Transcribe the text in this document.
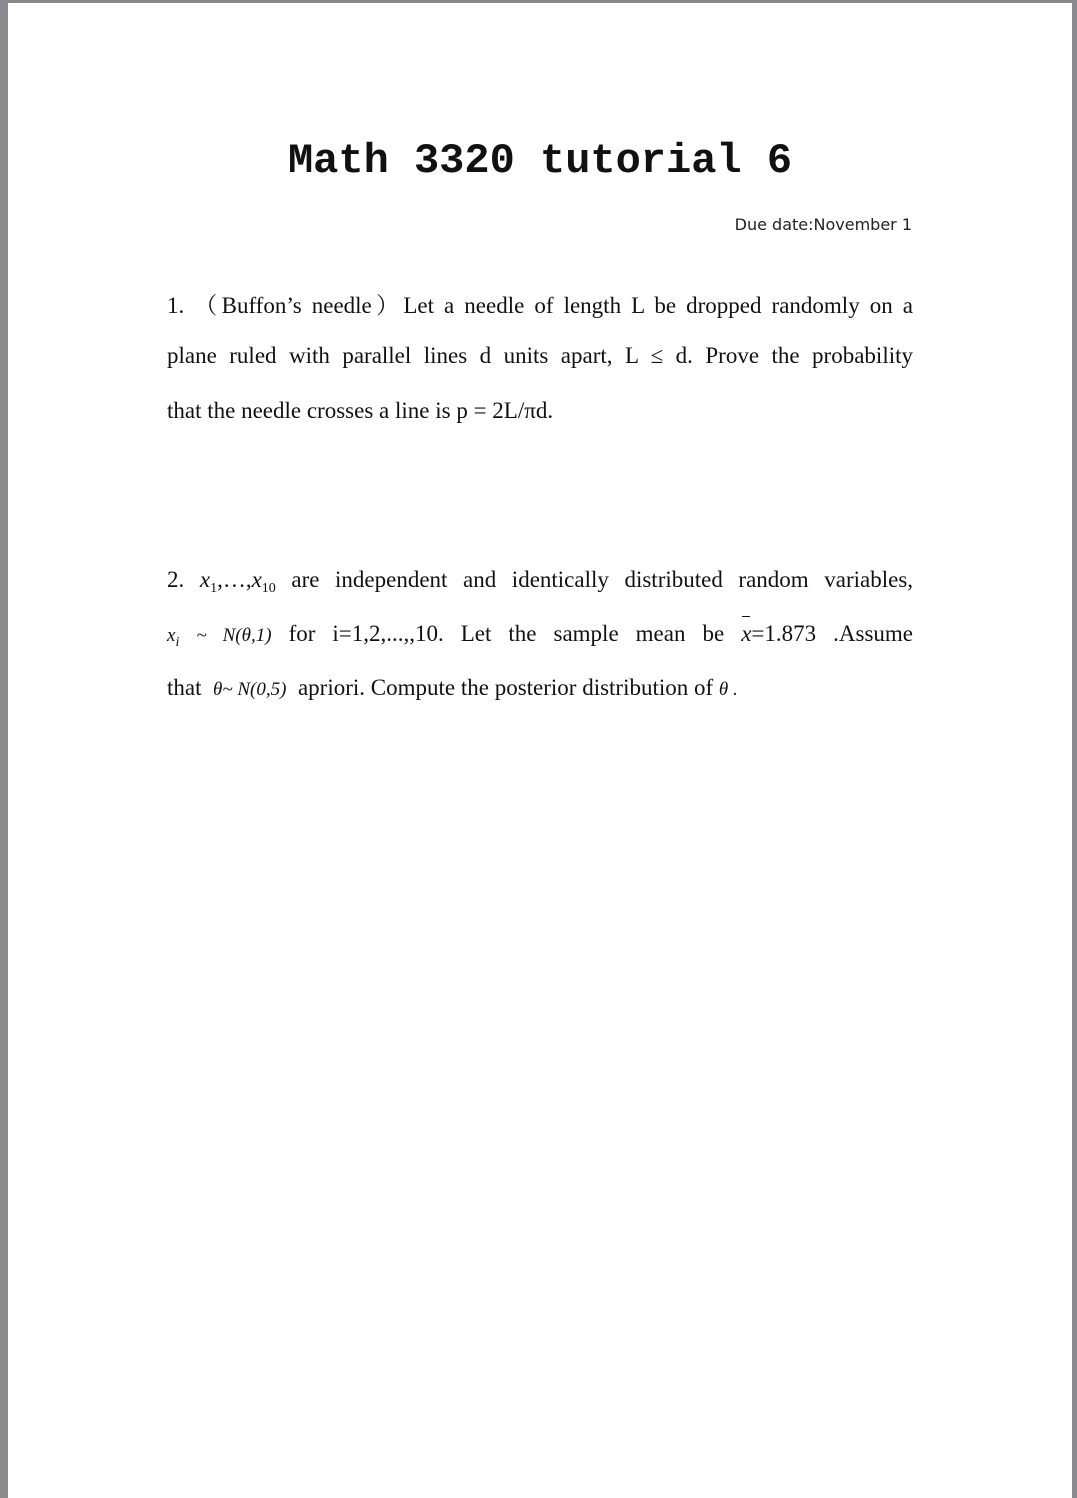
Math 3320 tutorial 6
Due date:November 1
1. （Buffon’s needle）Let a needle of length L be dropped randomly on a
plane ruled with parallel lines d units apart, L ≤ d. Prove the probability
that the needle crosses a line is p = 2L/πd.
2. $x_1,\dots,x_{10}$ are independent and identically distributed random variables,
$x_i$ ~ N(θ,1) for i=1,2,...,,10. Let the sample mean be x=1.873 .Assume
that θ~ N(0,5) apriori. Compute the posterior distribution of θ .
